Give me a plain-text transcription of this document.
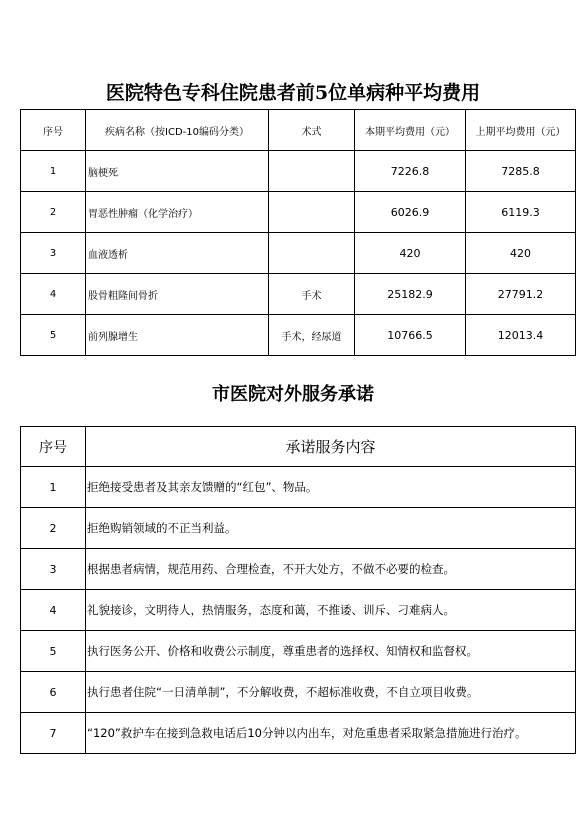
医院特色专科住院患者前5位单病种平均费用
序号	疾病名称（按ICD-10编码分类）	术式	本期平均费用（元）	上期平均费用（元）
1	脑梗死		7226.8	7285.8
2	胃恶性肿瘤（化学治疗）		6026.9	6119.3
3	血液透析		420	420
4	股骨粗隆间骨折	手术	25182.9	27791.2
5	前列腺增生	手术，经尿道	10766.5	12013.4
市医院对外服务承诺
序号	承诺服务内容
1	拒绝接受患者及其亲友馈赠的“红包”、物品。
2	拒绝购销领域的不正当利益。
3	根据患者病情，规范用药、合理检查，不开大处方，不做不必要的检查。
4	礼貌接诊，文明待人，热情服务，态度和蔼，不推诿、训斥、刁难病人。
5	执行医务公开、价格和收费公示制度，尊重患者的选择权、知情权和监督权。
6	执行患者住院“一日清单制”，不分解收费，不超标准收费，不自立项目收费。
7	“120”救护车在接到急救电话后10分钟以内出车，对危重患者采取紧急措施进行治疗。
